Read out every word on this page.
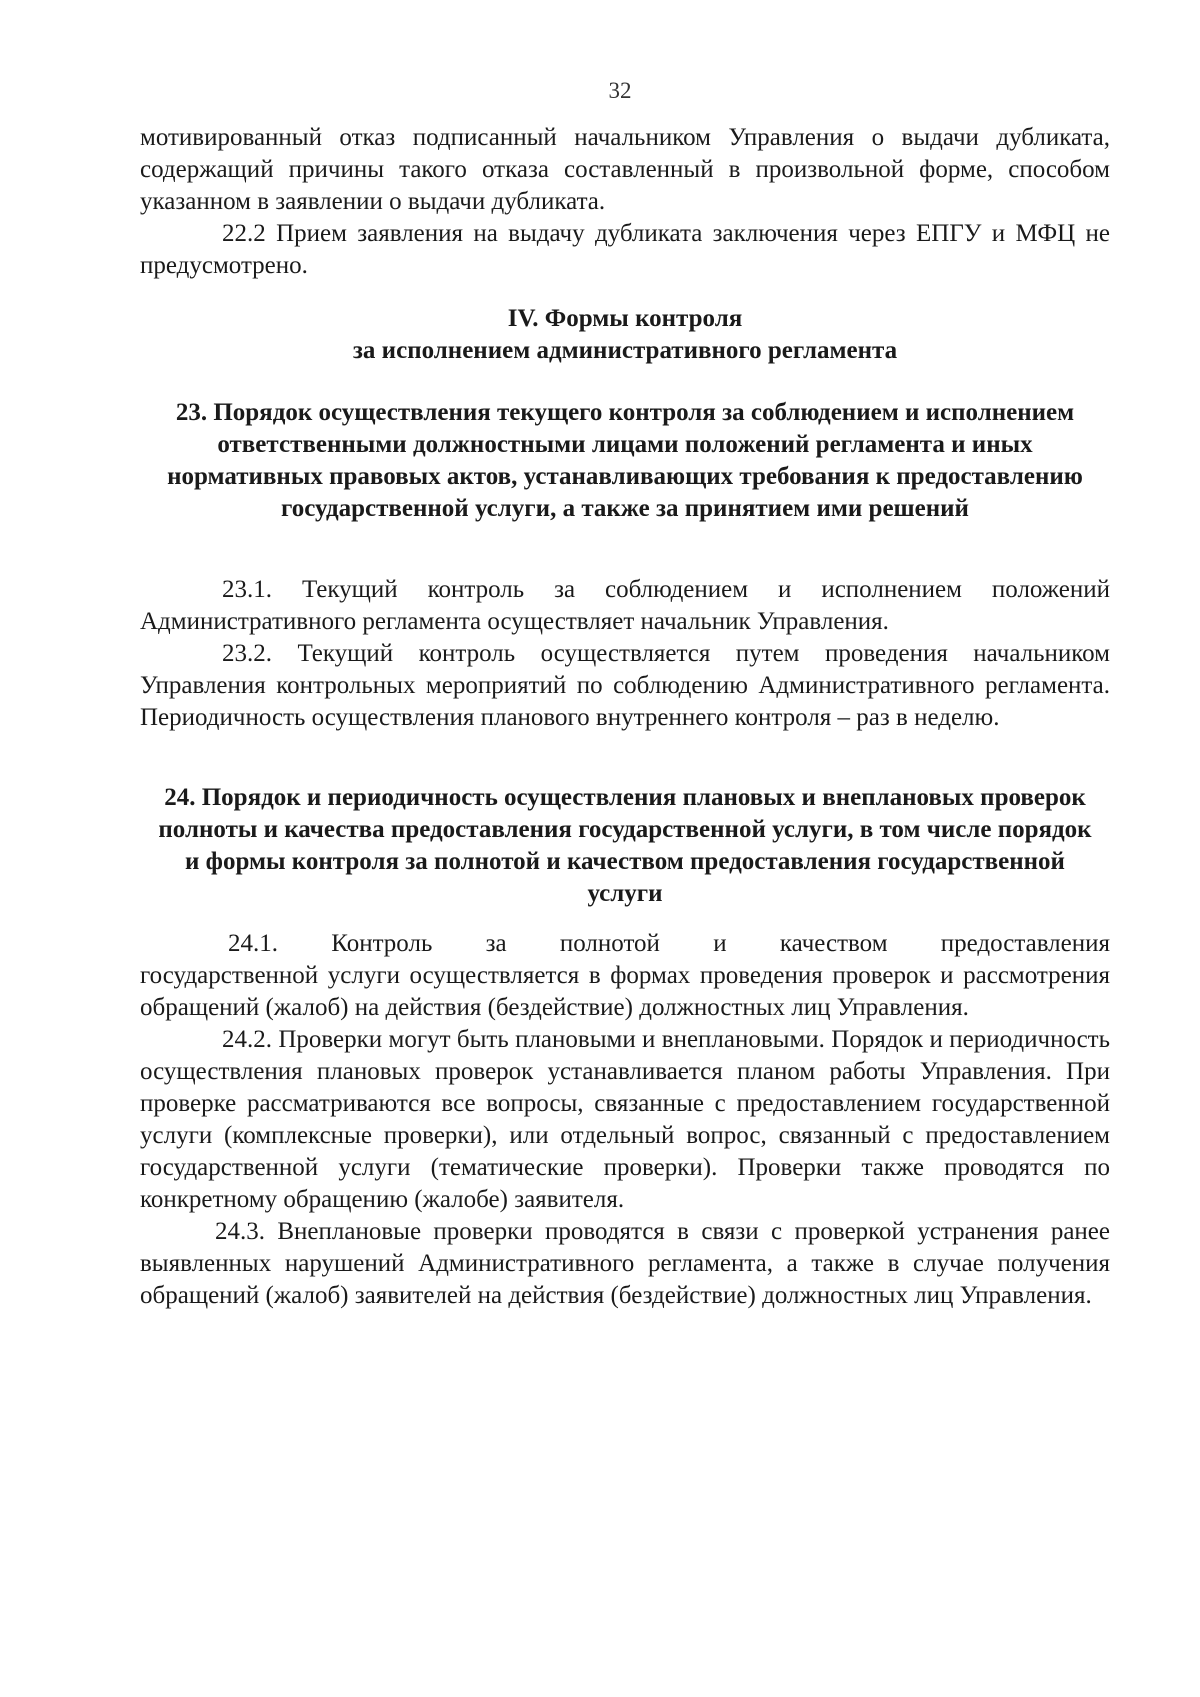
32

мотивированный отказ подписанный начальником Управления о выдачи дубликата, содержащий причины такого отказа составленный в произвольной форме, способом указанном в заявлении о выдачи дубликата.

22.2 Прием заявления на выдачу дубликата заключения через ЕПГУ и МФЦ не предусмотрено.

IV. Формы контроля
за исполнением административного регламента
23. Порядок осуществления текущего контроля за соблюдением и исполнением ответственными должностными лицами положений регламента и иных нормативных правовых актов, устанавливающих требования к предоставлению государственной услуги, а также за принятием ими решений

23.1. Текущий контроль за соблюдением и исполнением положений Административного регламента осуществляет начальник Управления.

23.2. Текущий контроль осуществляется путем проведения начальником Управления контрольных мероприятий по соблюдению Административного регламента. Периодичность осуществления планового внутреннего контроля – раз в неделю.

24. Порядок и периодичность осуществления плановых и внеплановых проверок полноты и качества предоставления государственной услуги, в том числе порядок и формы контроля за полнотой и качеством предоставления государственной услуги
24.1. Контроль за полнотой и качеством предоставления

государственной услуги осуществляется в формах проведения проверок и рассмотрения обращений (жалоб) на действия (бездействие) должностных лиц Управления.

24.2. Проверки могут быть плановыми и внеплановыми. Порядок и периодичность осуществления плановых проверок устанавливается планом работы Управления. При проверке рассматриваются все вопросы, связанные с предоставлением государственной услуги (комплексные проверки), или отдельный вопрос, связанный с предоставлением государственной услуги (тематические проверки). Проверки также проводятся по конкретному обращению (жалобе) заявителя.

24.3. Внеплановые проверки проводятся в связи с проверкой устранения ранее выявленных нарушений Административного регламента, а также в случае получения обращений (жалоб) заявителей на действия (бездействие) должностных лиц Управления.
